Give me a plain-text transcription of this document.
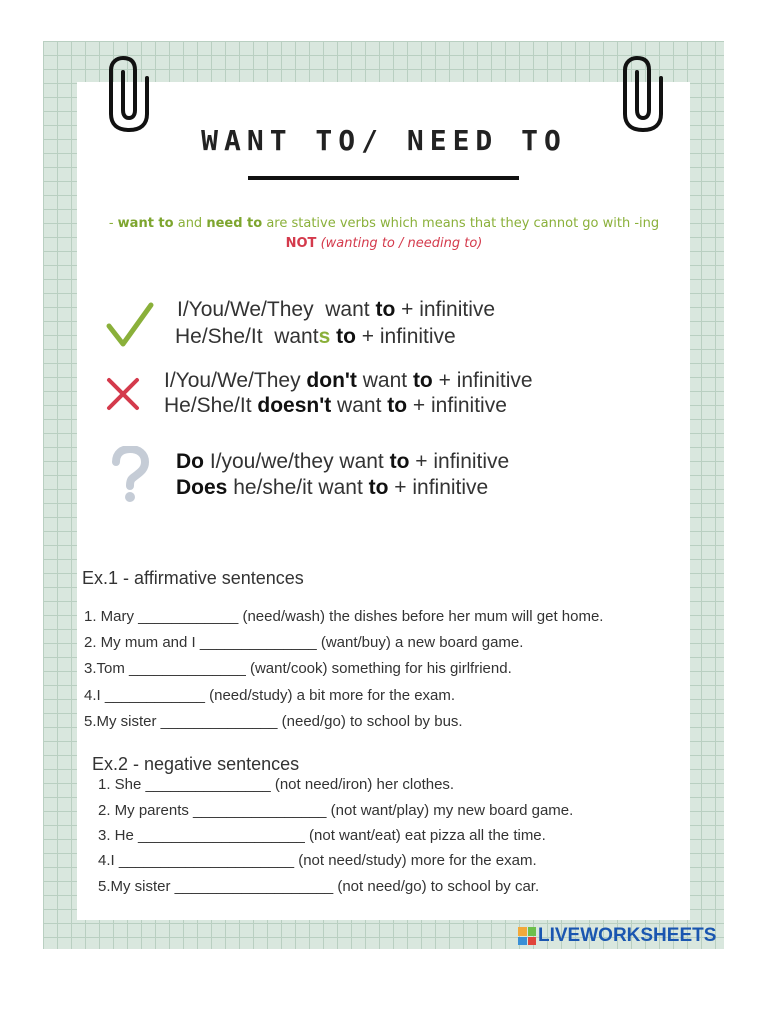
WANT TO/ NEED TO
- want to and need to are stative verbs which means that they cannot go with -ing
NOT (wanting to / needing to)
I/You/We/They  want to + infinitive
He/She/It  wants to + infinitive
I/You/We/They don't want to + infinitive
He/She/It doesn't want to + infinitive
Do I/you/we/they want to + infinitive
Does he/she/it want to + infinitive
Ex.1 - affirmative sentences
1. Mary ____________ (need/wash) the dishes before her mum will get home.
2. My mum and I ______________ (want/buy) a new board game.
3.Tom ______________ (want/cook) something for his girlfriend.
4.I ____________ (need/study) a bit more for the exam.
5.My sister ______________ (need/go) to school by bus.
Ex.2 - negative sentences
1. She _______________ (not need/iron) her clothes.
2. My parents ________________ (not want/play) my new board game.
3. He ____________________ (not want/eat) eat pizza all the time.
4.I _____________________ (not need/study) more for the exam.
5.My sister ___________________ (not need/go) to school by car.
LIVEWORKSHEETS
